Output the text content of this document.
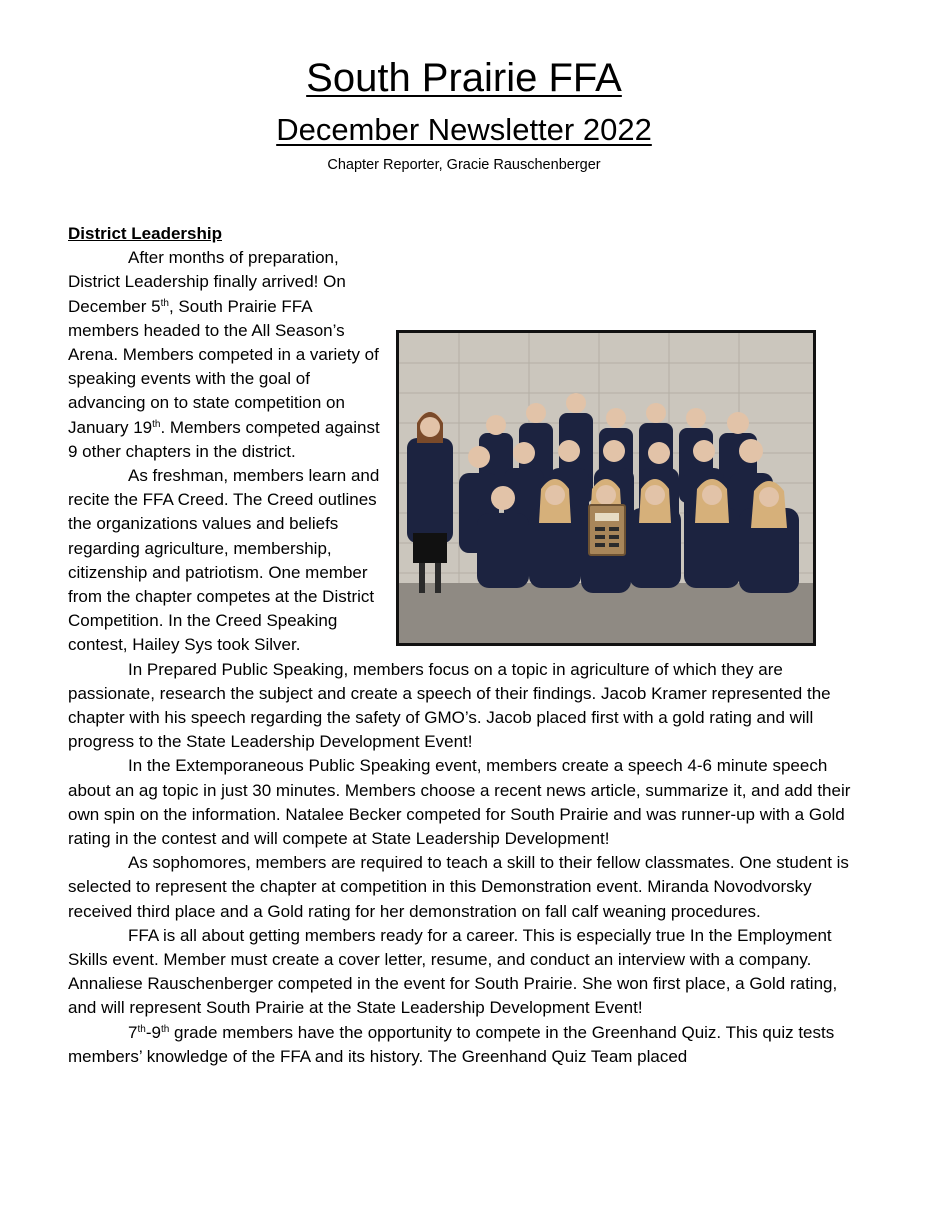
South Prairie FFA
December Newsletter 2022
Chapter Reporter, Gracie Rauschenberger
District Leadership

After months of preparation, District Leadership finally arrived! On December 5th, South Prairie FFA members headed to the All Season’s Arena. Members competed in a variety of speaking events with the goal of advancing on to state competition on January 19th. Members competed against 9 other chapters in the district.

As freshman, members learn and recite the FFA Creed. The Creed outlines the organizations values and beliefs regarding agriculture, membership, citizenship and patriotism. One member from the chapter competes at the District Competition. In the Creed Speaking contest, Hailey Sys took Silver.

In Prepared Public Speaking, members focus on a topic in agriculture of which they are passionate, research the subject and create a speech of their findings. Jacob Kramer represented the chapter with his speech regarding the safety of GMO’s. Jacob placed first with a gold rating and will progress to the State Leadership Development Event!

In the Extemporaneous Public Speaking event, members create a speech 4-6 minute speech about an ag topic in just 30 minutes. Members choose a recent news article, summarize it, and add their own spin on the information. Natalee Becker competed for South Prairie and was runner-up with a Gold rating in the contest and will compete at State Leadership Development!

As sophomores, members are required to teach a skill to their fellow classmates. One student is selected to represent the chapter at competition in this Demonstration event. Miranda Novodvorsky received third place and a Gold rating for her demonstration on fall calf weaning procedures.

FFA is all about getting members ready for a career. This is especially true In the Employment Skills event. Member must create a cover letter, resume, and conduct an interview with a company. Annaliese Rauschenberger competed in the event for South Prairie. She won first place, a Gold rating, and will represent South Prairie at the State Leadership Development Event!

7th-9th grade members have the opportunity to compete in the Greenhand Quiz. This quiz tests members’ knowledge of the FFA and its history. The Greenhand Quiz Team placed
